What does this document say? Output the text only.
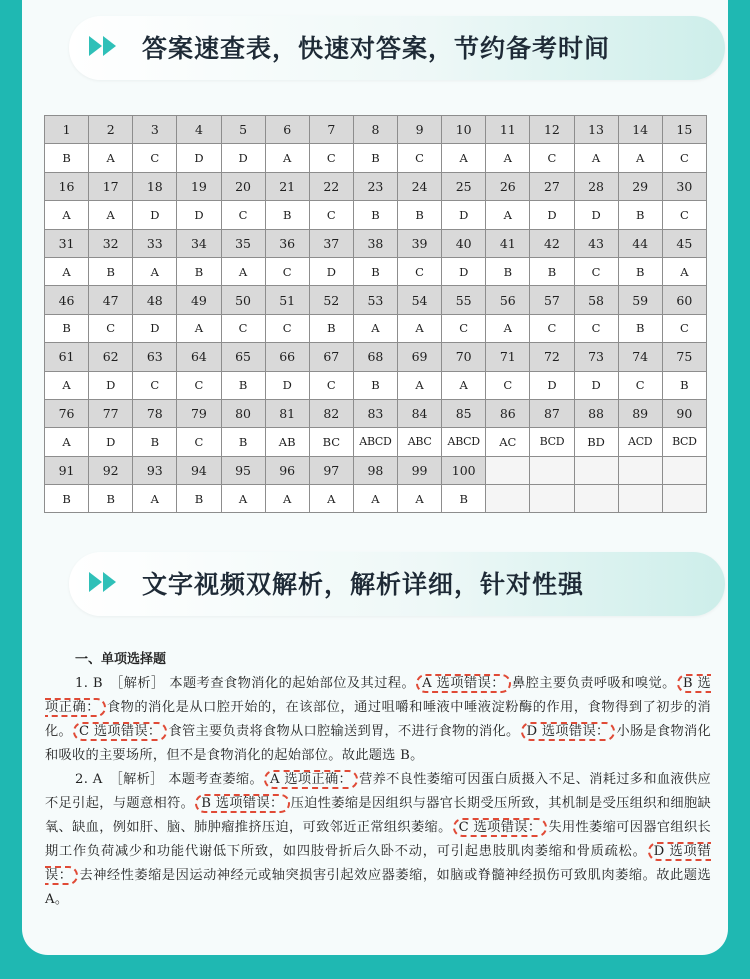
答案速查表，快速对答案，节约备考时间
文字视频双解析，解析详细，针对性强
1	2	3	4	5	6	7	8	9	10	11	12	13	14	15
B	A	C	D	D	A	C	B	C	A	A	C	A	A	C
16	17	18	19	20	21	22	23	24	25	26	27	28	29	30
A	A	D	D	C	B	C	B	B	D	A	D	D	B	C
31	32	33	34	35	36	37	38	39	40	41	42	43	44	45
A	B	A	B	A	C	D	B	C	D	B	B	C	B	A
46	47	48	49	50	51	52	53	54	55	56	57	58	59	60
B	C	D	A	C	C	B	A	A	C	A	C	C	B	C
61	62	63	64	65	66	67	68	69	70	71	72	73	74	75
A	D	C	C	B	D	C	B	A	A	C	D	D	C	B
76	77	78	79	80	81	82	83	84	85	86	87	88	89	90
A	D	B	C	B	AB	BC	ABCD	ABC	ABCD	AC	BCD	BD	ACD	BCD
91	92	93	94	95	96	97	98	99	100					
B	B	A	B	A	A	A	A	A	B					
一、单项选择题

1. B　［解析］ 本题考查食物消化的起始部位及其过程。 A 选项错误： 鼻腔主要负责呼吸和嗅觉。 B 选项正确： 食物的消化是从口腔开始的，在该部位，通过咀嚼和唾液中唾液淀粉酶的作用，食物得到了初步的消化。 C 选项错误： 食管主要负责将食物从口腔输送到胃，不进行食物的消化。 D 选项错误： 小肠是食物消化和吸收的主要场所，但不是食物消化的起始部位。故此题选 B。

2. A　［解析］ 本题考查萎缩。 A 选项正确： 营养不良性萎缩可因蛋白质摄入不足、消耗过多和血液供应不足引起，与题意相符。 B 选项错误： 压迫性萎缩是因组织与器官长期受压所致，其机制是受压组织和细胞缺氧、缺血，例如肝、脑、肺肿瘤推挤压迫，可致邻近正常组织萎缩。 C 选项错误： 失用性萎缩可因器官组织长期工作负荷减少和功能代谢低下所致，如四肢骨折后久卧不动，可引起患肢肌肉萎缩和骨质疏松。 D 选项错误： 去神经性萎缩是因运动神经元或轴突损害引起效应器萎缩，如脑或脊髓神经损伤可致肌肉萎缩。故此题选 A。
